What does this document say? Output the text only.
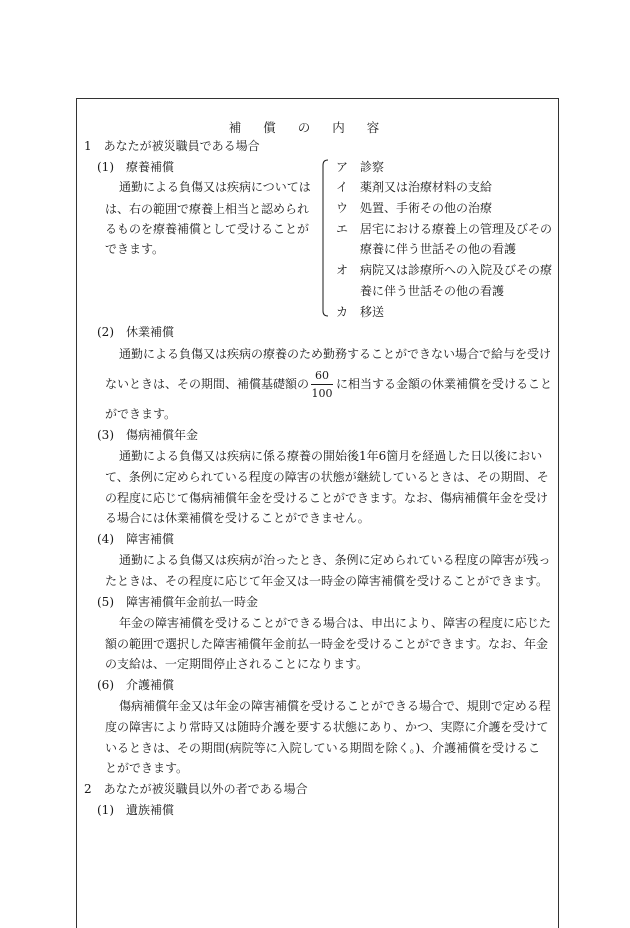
補償の内容
1　あなたが被災職員である場合
(1)　療養補償
通勤による負傷又は疾病については
は、右の範囲で療養上相当と認められ
るものを療養補償として受けることが
できます。
ア　診察
イ　薬剤又は治療材料の支給
ウ　処置、手術その他の治療
エ　居宅における療養上の管理及びその
　　療養に伴う世話その他の看護
オ　病院又は診療所への入院及びその療
　　養に伴う世話その他の看護
カ　移送
(2)　休業補償
通勤による負傷又は疾病の療養のため勤務することができない場合で給与を受け
ないときは、その期間、補償基礎額の
60
100
に相当する金額の休業補償を受けること
ができます。
(3)　傷病補償年金
通勤による負傷又は疾病に係る療養の開始後1年6箇月を経過した日以後におい
て、条例に定められている程度の障害の状態が継続しているときは、その期間、そ
の程度に応じて傷病補償年金を受けることができます。なお、傷病補償年金を受け
る場合には休業補償を受けることができません。
(4)　障害補償
通勤による負傷又は疾病が治ったとき、条例に定められている程度の障害が残っ
たときは、その程度に応じて年金又は一時金の障害補償を受けることができます。
(5)　障害補償年金前払一時金
年金の障害補償を受けることができる場合は、申出により、障害の程度に応じた
額の範囲で選択した障害補償年金前払一時金を受けることができます。なお、年金
の支給は、一定期間停止されることになります。
(6)　介護補償
傷病補償年金又は年金の障害補償を受けることができる場合で、規則で定める程
度の障害により常時又は随時介護を要する状態にあり、かつ、実際に介護を受けて
いるときは、その期間(病院等に入院している期間を除く。)、介護補償を受けるこ
とができます。
2　あなたが被災職員以外の者である場合
(1)　遺族補償
